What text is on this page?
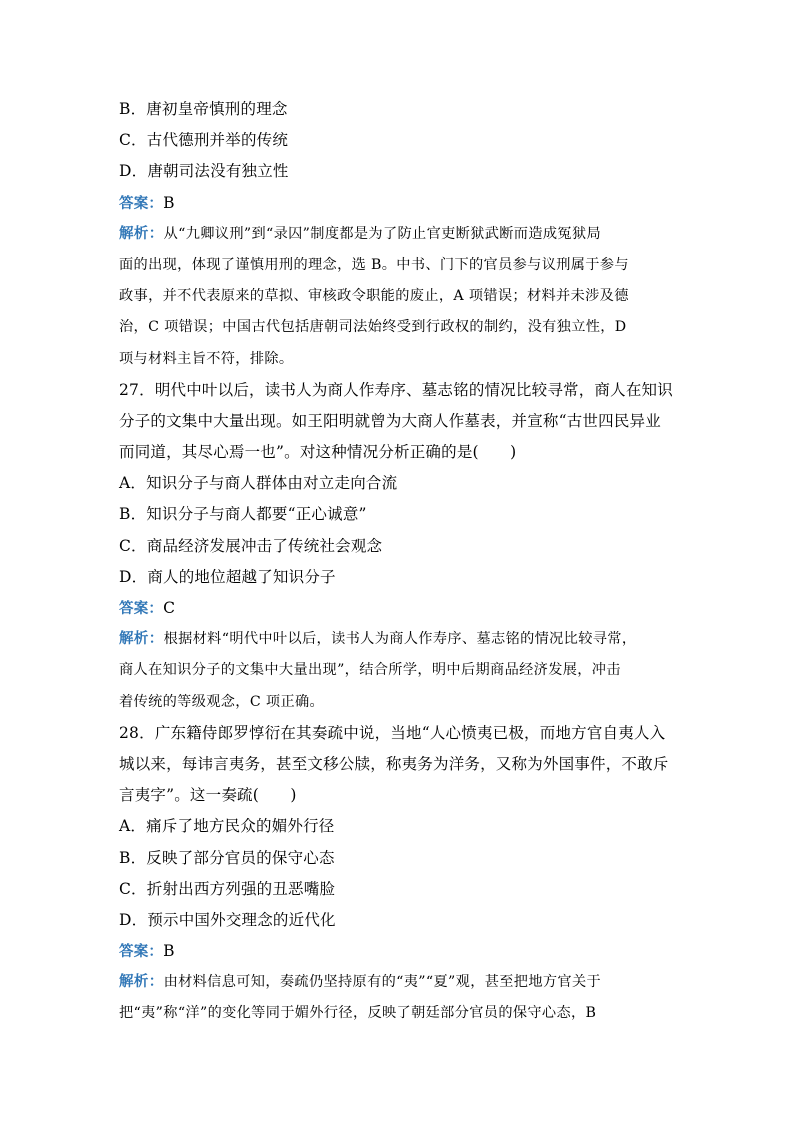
B．唐初皇帝慎刑的理念
C．古代德刑并举的传统
D．唐朝司法没有独立性
答案：B
解析：从“九卿议刑”到“录囚”制度都是为了防止官吏断狱武断而造成冤狱局
面的出现，体现了谨慎用刑的理念，选 B。中书、门下的官员参与议刑属于参与
政事，并不代表原来的草拟、审核政令职能的废止，A 项错误；材料并未涉及德
治，C 项错误；中国古代包括唐朝司法始终受到行政权的制约，没有独立性，D
项与材料主旨不符，排除。
27．明代中叶以后，读书人为商人作寿序、墓志铭的情况比较寻常，商人在知识
分子的文集中大量出现。如王阳明就曾为大商人作墓表，并宣称“古世四民异业
而同道，其尽心焉一也”。对这种情况分析正确的是(　　)
A．知识分子与商人群体由对立走向合流
B．知识分子与商人都要“正心诚意”
C．商品经济发展冲击了传统社会观念
D．商人的地位超越了知识分子
答案：C
解析：根据材料“明代中叶以后，读书人为商人作寿序、墓志铭的情况比较寻常，
商人在知识分子的文集中大量出现”，结合所学，明中后期商品经济发展，冲击
着传统的等级观念，C 项正确。
28．广东籍侍郎罗惇衍在其奏疏中说，当地“人心愤夷已极，而地方官自夷人入
城以来，每讳言夷务，甚至文移公牍，称夷务为洋务，又称为外国事件，不敢斥
言夷字”。这一奏疏(　　)
A．痛斥了地方民众的媚外行径
B．反映了部分官员的保守心态
C．折射出西方列强的丑恶嘴脸
D．预示中国外交理念的近代化
答案：B
解析：由材料信息可知，奏疏仍坚持原有的“夷”“夏”观，甚至把地方官关于
把“夷”称“洋”的变化等同于媚外行径，反映了朝廷部分官员的保守心态，B
